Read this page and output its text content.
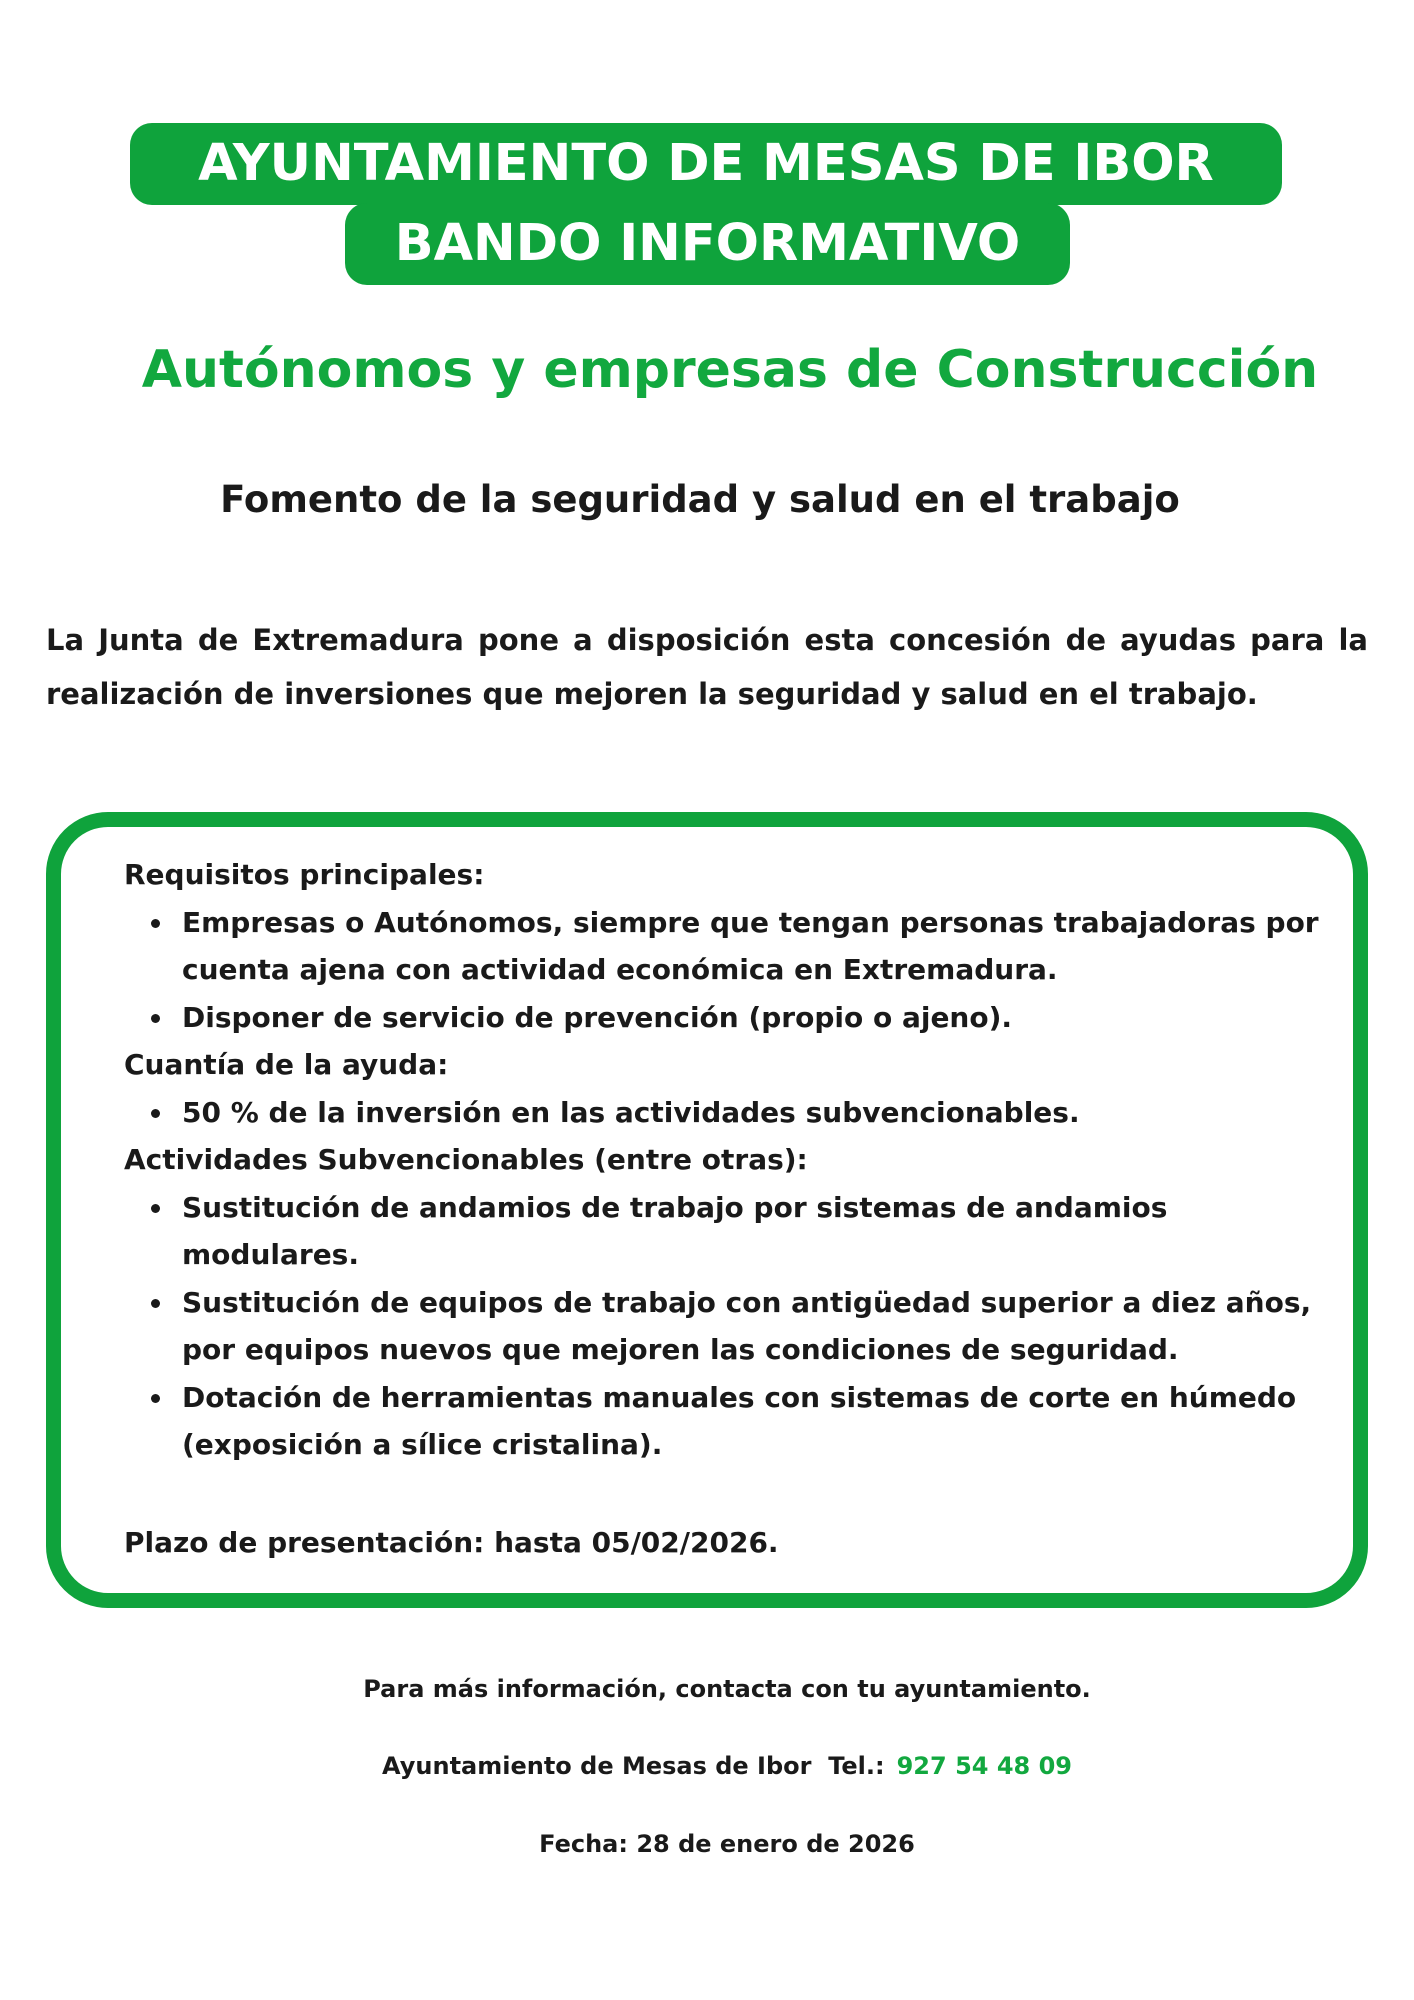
AYUNTAMIENTO DE MESAS DE IBOR
BANDO INFORMATIVO
Autónomos y empresas de Construcción
Fomento de la seguridad y salud en el trabajo
La Junta de Extremadura pone a disposición esta concesión de ayudas para la realización de inversiones que mejoren la seguridad y salud en el trabajo.
Requisitos principales:
Empresas o Autónomos, siempre que tengan personas trabajadoras por cuenta ajena con actividad económica en Extremadura.
Disponer de servicio de prevención (propio o ajeno).
Cuantía de la ayuda:
50 % de la inversión en las actividades subvencionables.
Actividades Subvencionables (entre otras):
Sustitución de andamios de trabajo por sistemas de andamios modulares.
Sustitución de equipos de trabajo con antigüedad superior a diez años, por equipos nuevos que mejoren las condiciones de seguridad.
Dotación de herramientas manuales con sistemas de corte en húmedo (exposición a sílice cristalina).
Plazo de presentación: hasta 05/02/2026.
Para más información, contacta con tu ayuntamiento.
Ayuntamiento de Mesas de Ibor  Tel.: 927 54 48 09
Fecha: 28 de enero de 2026
